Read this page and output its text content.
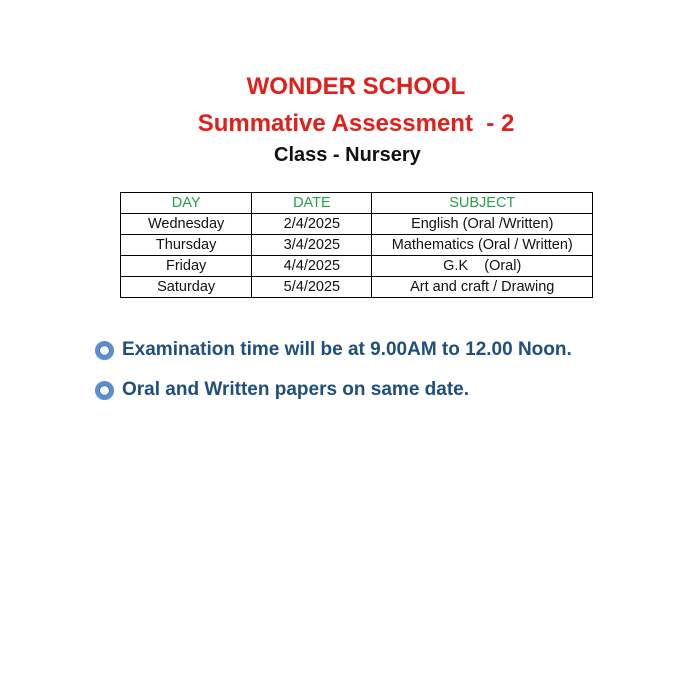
WONDER SCHOOL
Summative Assessment  - 2
Class - Nursery
DAY	DATE	SUBJECT
Wednesday	2/4/2025	English (Oral /Written)
Thursday	3/4/2025	Mathematics (Oral / Written)
Friday	4/4/2025	G.K    (Oral)
Saturday	5/4/2025	Art and craft / Drawing
Examination time will be at 9.00AM to 12.00 Noon.
Oral and Written papers on same date.
